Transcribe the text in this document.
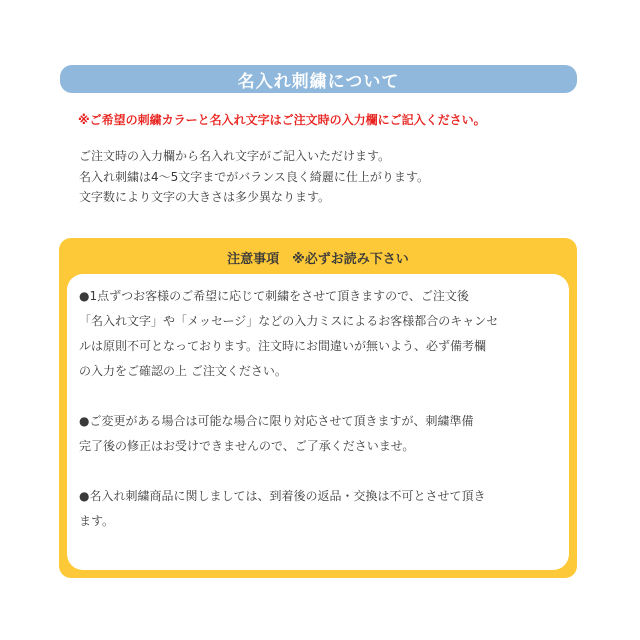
名入れ刺繍について
※ご希望の刺繍カラーと名入れ文字はご注文時の入力欄にご記入ください。
ご注文時の入力欄から名入れ文字がご記入いただけます。
名入れ刺繍は4～5文字までがバランス良く綺麗に仕上がります。
文字数により文字の大きさは多少異なります。
注意事項　※必ずお読み下さい
●1点ずつお客様のご希望に応じて刺繍をさせて頂きますので、ご注文後
「名入れ文字」や「メッセージ」などの入力ミスによるお客様都合のキャンセ
ルは原則不可となっております。注文時にお間違いが無いよう、必ず備考欄
の入力をご確認の上 ご注文ください。
●ご変更がある場合は可能な場合に限り対応させて頂きますが、刺繍準備
完了後の修正はお受けできませんので、ご了承くださいませ。
●名入れ刺繍商品に関しましては、到着後の返品・交換は不可とさせて頂き
ます。
